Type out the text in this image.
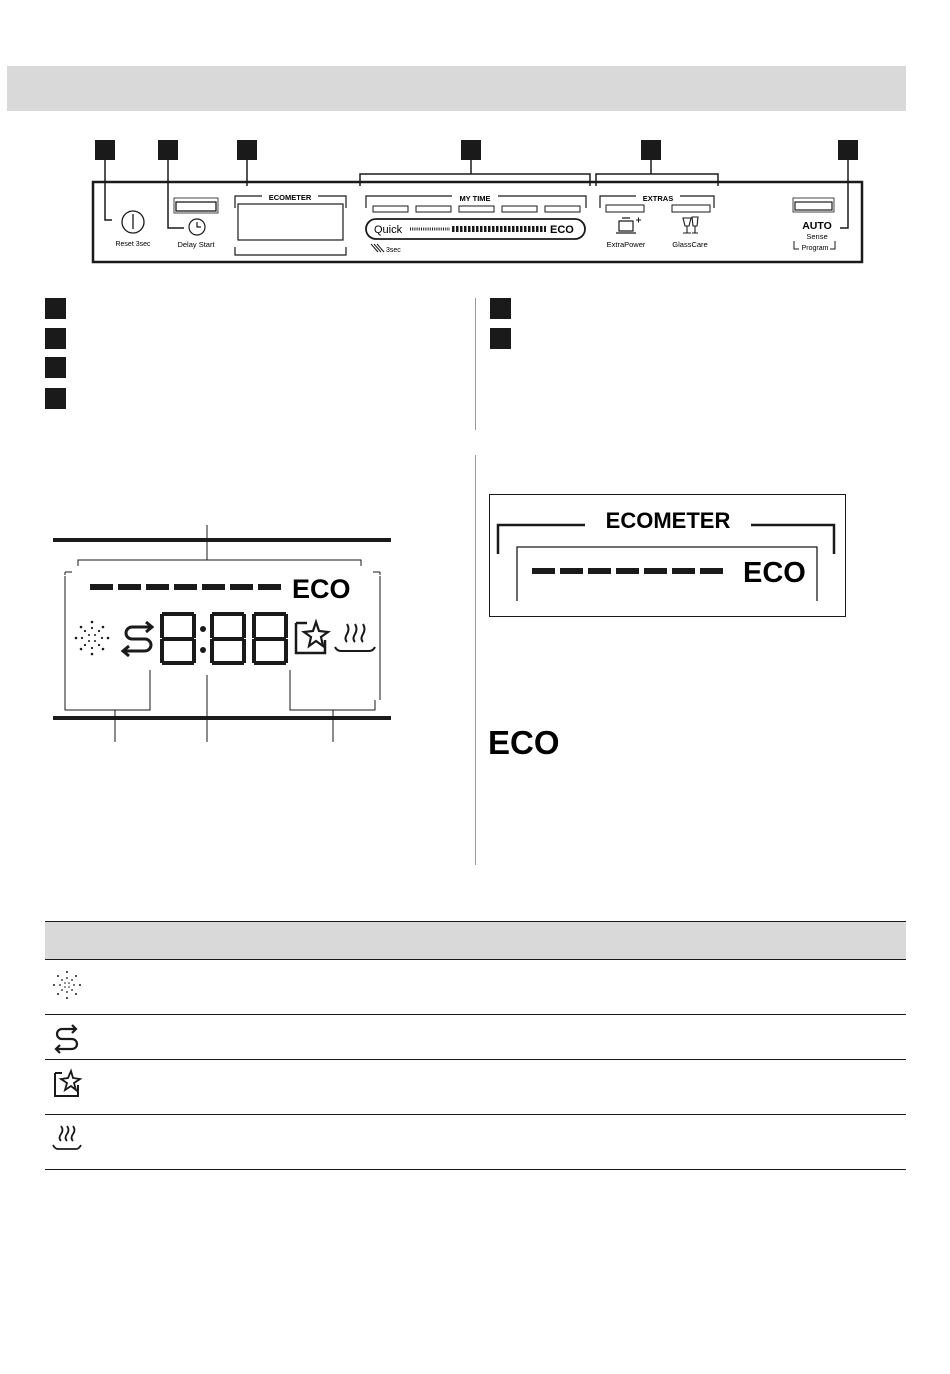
Reset 3sec	Delay Start
ECOMETER	MY TIME
Quick	ECO
3sec
EXTRAS
ExtraPower	GlassCare
AUTO
Sense
Program
ECO
ECOMETER
ECO
ECO
